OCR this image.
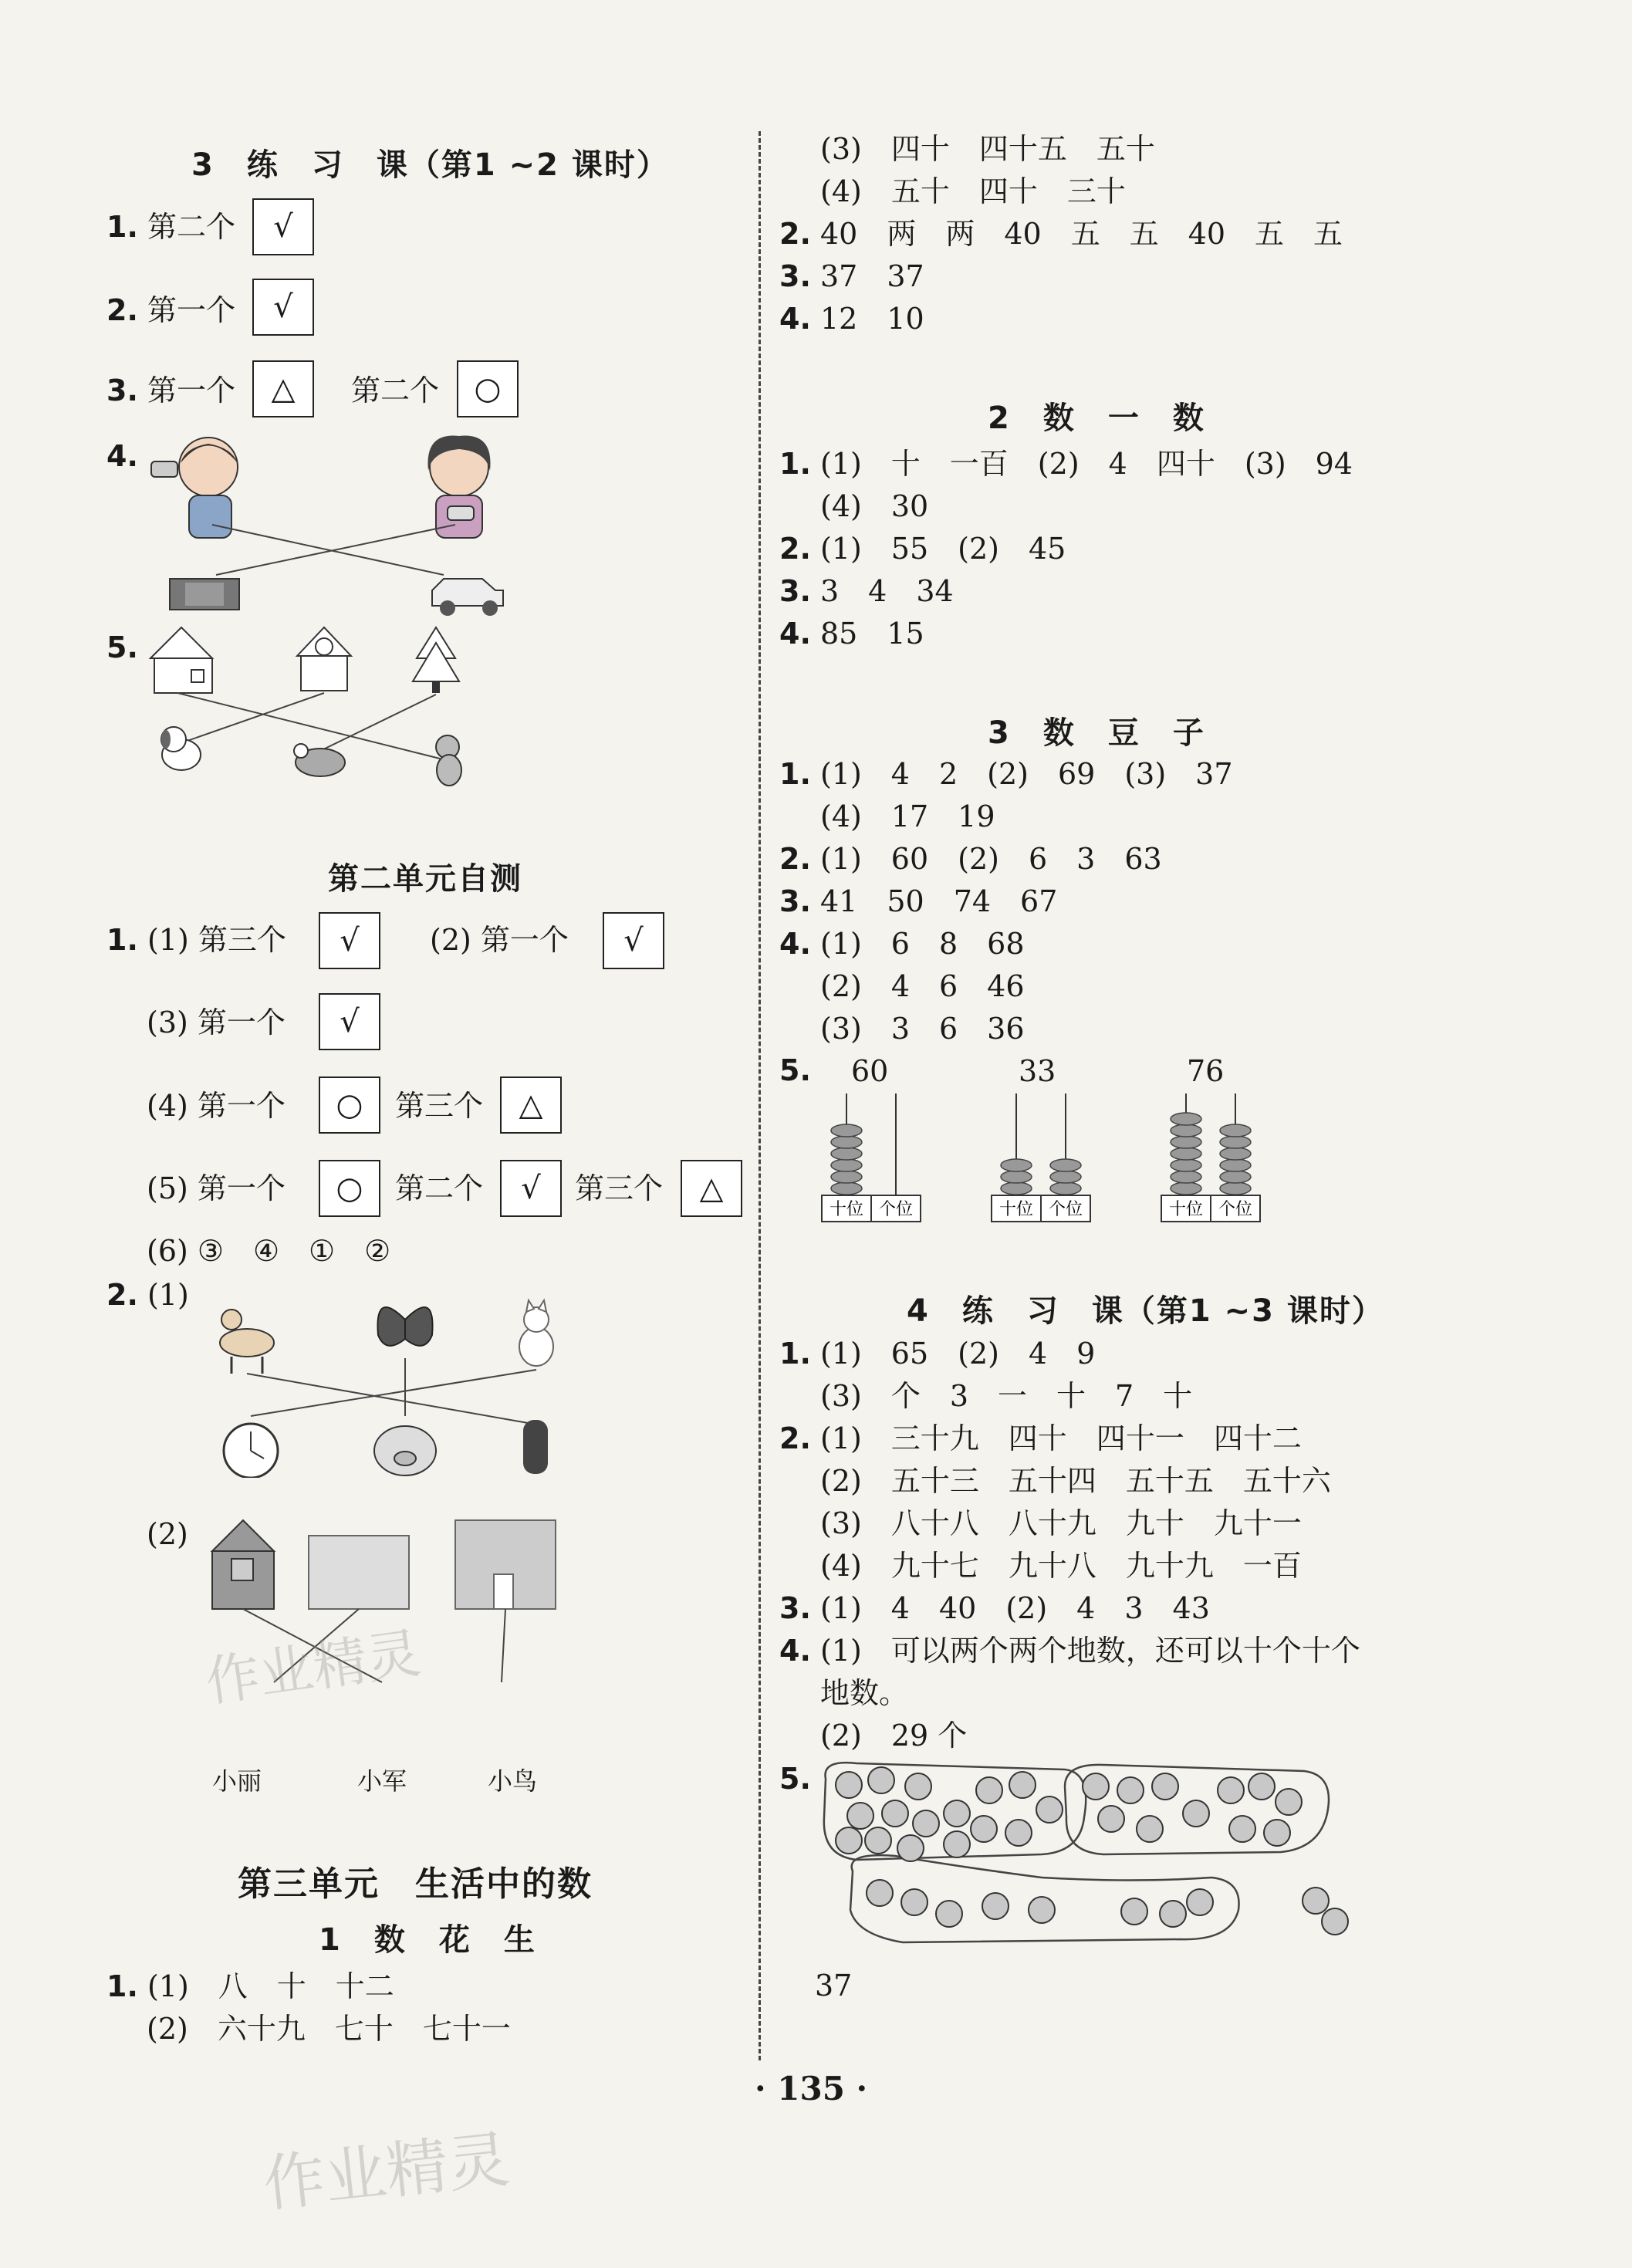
3　练　习　课（第1 ~2 课时）
1. 第二个	√
2. 第一个	√
3. 第一个	△	第二个	○
4.
5.
第二单元自测
1. (1) 第三个	√	(2) 第一个	√
(3) 第一个	√
(4) 第一个	○	第三个	△
(5) 第一个	○	第二个	√	第三个	△
(6) ③　④　①　②
2. (1)
(2)
小丽	小军	小鸟
作业精灵
第三单元　生活中的数
1　数　花　生
1. (1)　八　十　十二
(2)　六十九　七十　七十一
(3)　四十　四十五　五十
(4)　五十　四十　三十
2. 40　两　两　40　五　五　40　五　五
3. 37　37
4. 12　10
2　数　一　数
1. (1)　十　一百　(2)　4　四十　(3)　94
(4)　30
2. (1)　55　(2)　45
3. 3　4　34
4. 85　15
3　数　豆　子
1. (1)　4　2　(2)　69　(3)　37
(4)　17　19
2. (1)　60　(2)　6　3　63
3. 41　50　74　67
4. (1)　6　8　68
(2)　4　6　46
(3)　3　6　36
5. 60	33	76
十位 个位	十位 个位	十位 个位
4　练　习　课（第1 ~3 课时）
1. (1)　65　(2)　4　9
(3)　个　3　一　十　7　十
2. (1)　三十九　四十　四十一　四十二
(2)　五十三　五十四　五十五　五十六
(3)　八十八　八十九　九十　九十一
(4)　九十七　九十八　九十九　一百
3. (1)　4　40　(2)　4　3　43
4. (1)　可以两个两个地数，还可以十个十个
地数。
(2)　29 个
5.
37
· 135 ·
作业精灵
